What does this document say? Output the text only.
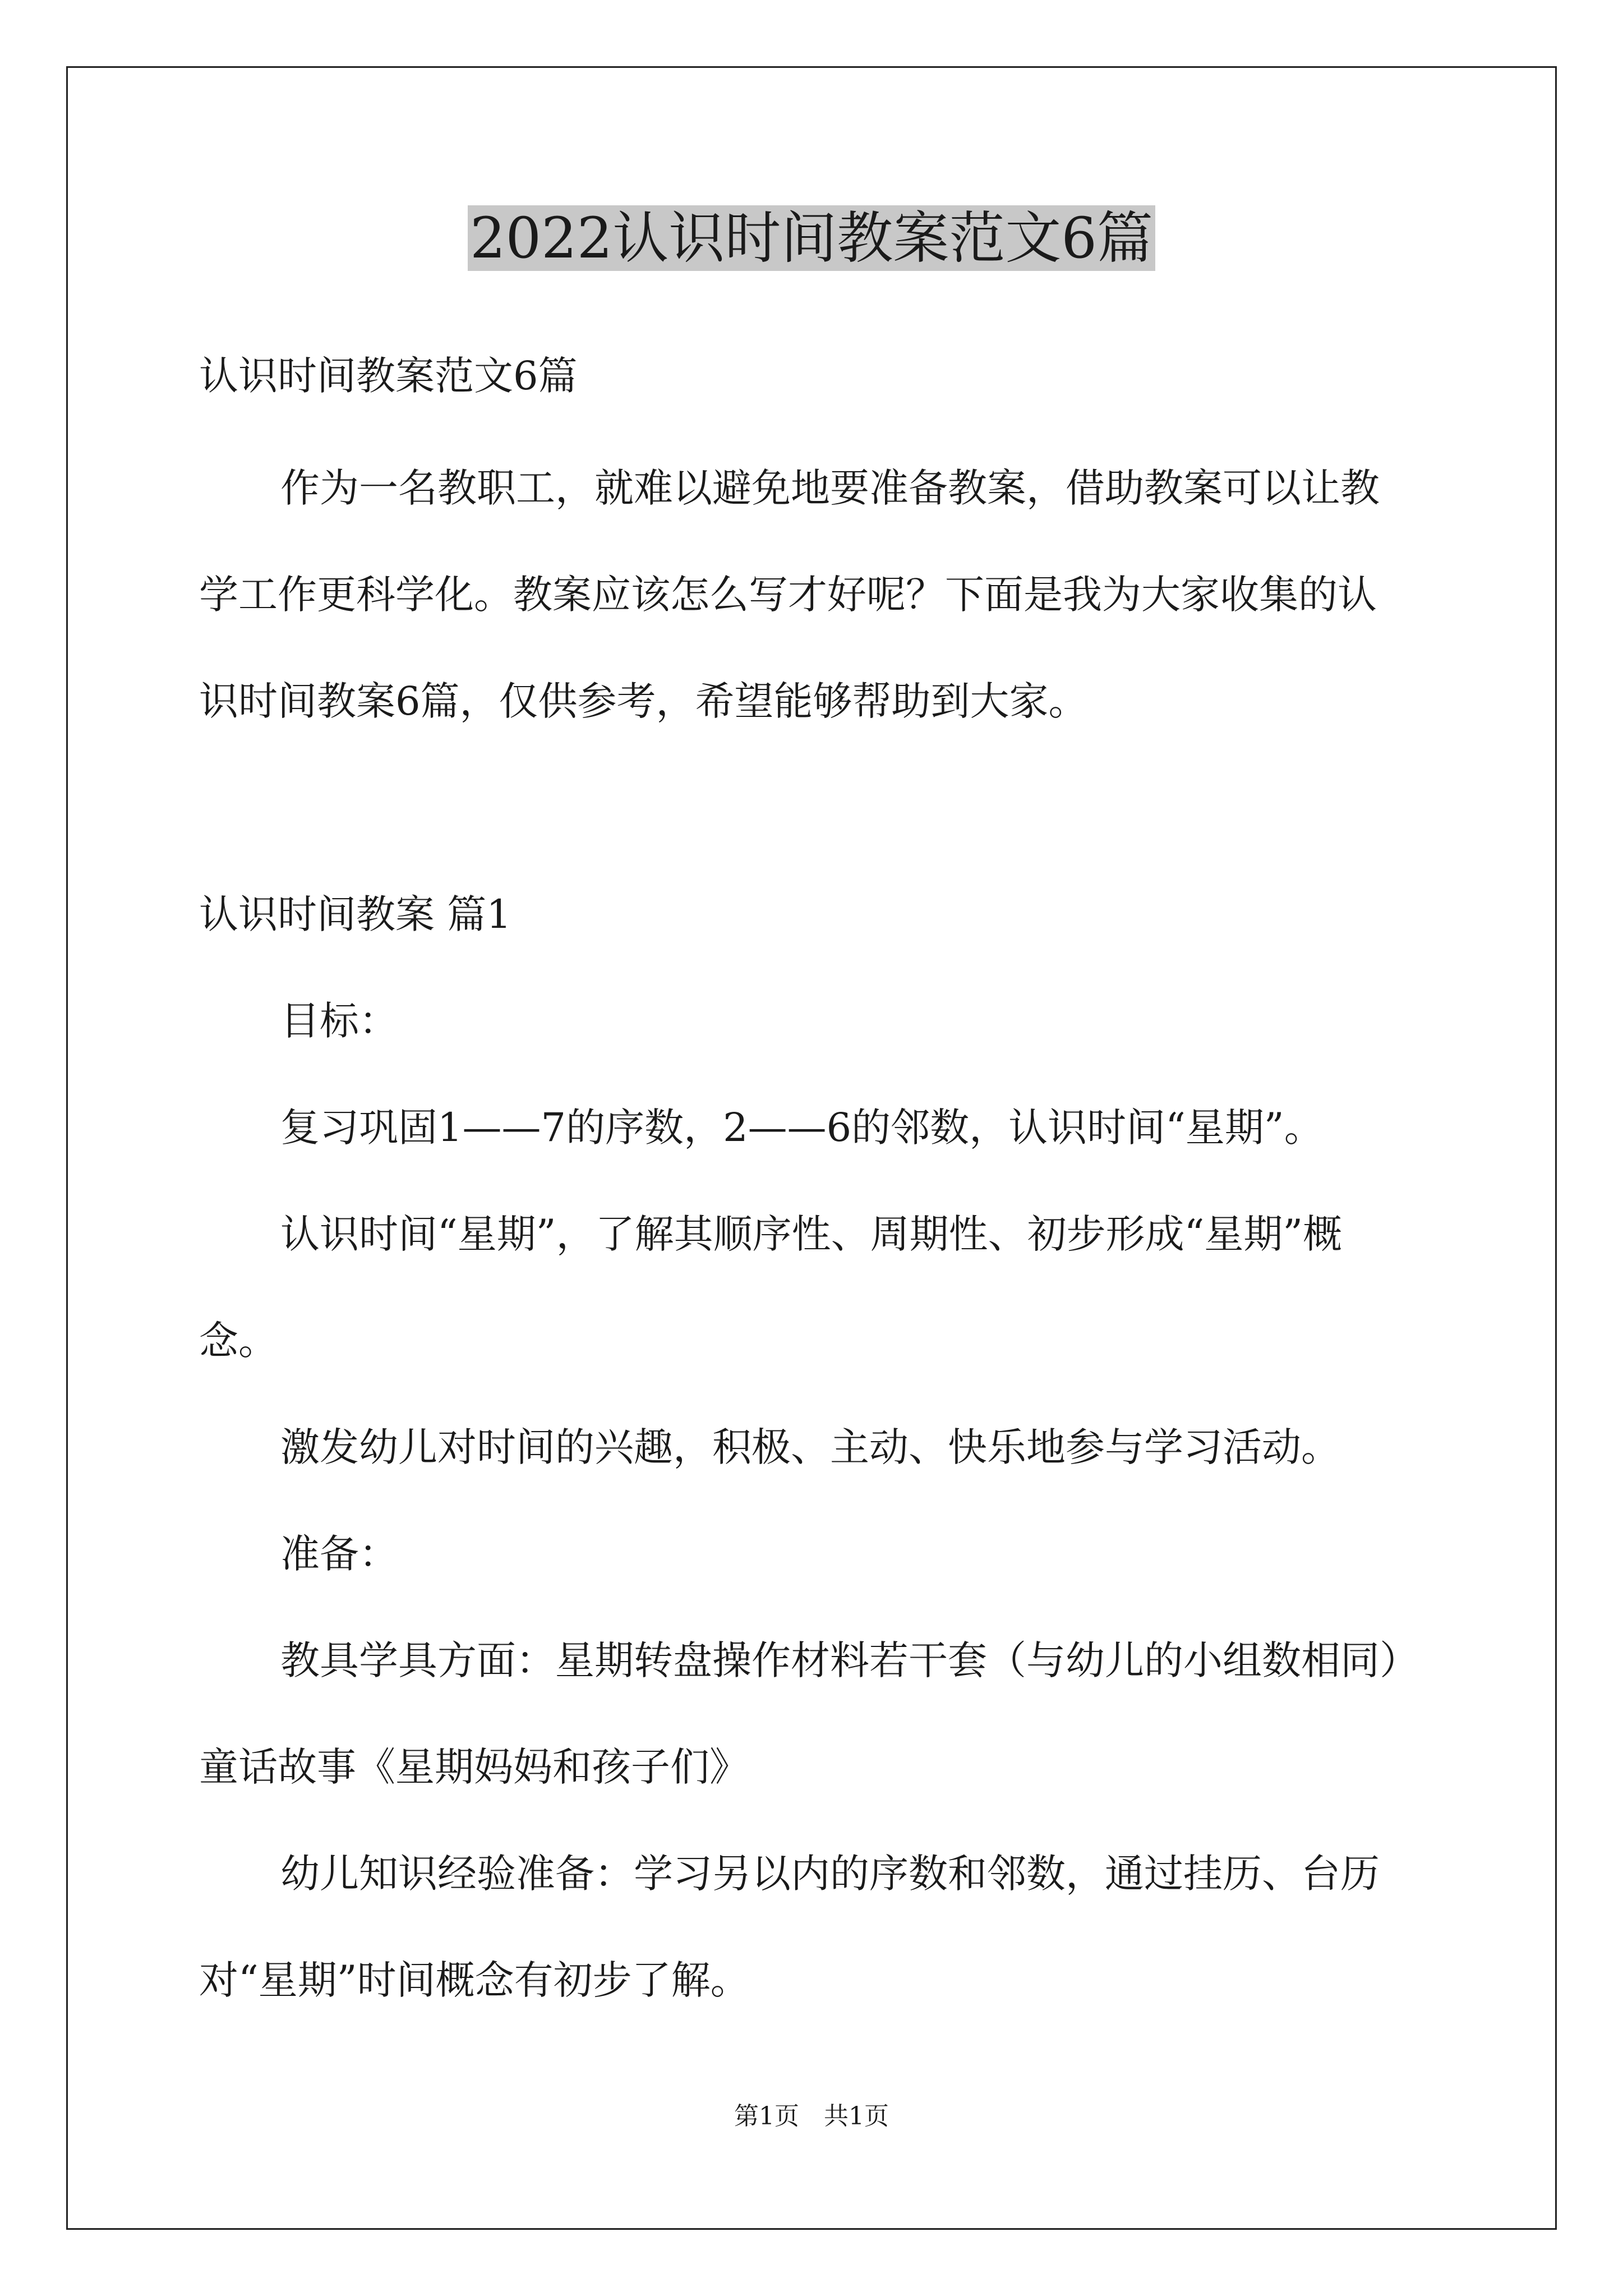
2022认识时间教案范文6篇
认识时间教案范文6篇
作为一名教职工，就难以避免地要准备教案，借助教案可以让教
学工作更科学化。教案应该怎么写才好呢？下面是我为大家收集的认
识时间教案6篇，仅供参考，希望能够帮助到大家。
认识时间教案 篇1
目标：
复习巩固1——7的序数，2——6的邻数，认识时间“星期”。
认识时间“星期”，了解其顺序性、周期性、初步形成“星期”概
念。
激发幼儿对时间的兴趣，积极、主动、快乐地参与学习活动。
准备：
教具学具方面：星期转盘操作材料若干套（与幼儿的小组数相同）
童话故事《星期妈妈和孩子们》
幼儿知识经验准备：学习另以内的序数和邻数，通过挂历、台历
对“星期”时间概念有初步了解。
第1页 共1页
